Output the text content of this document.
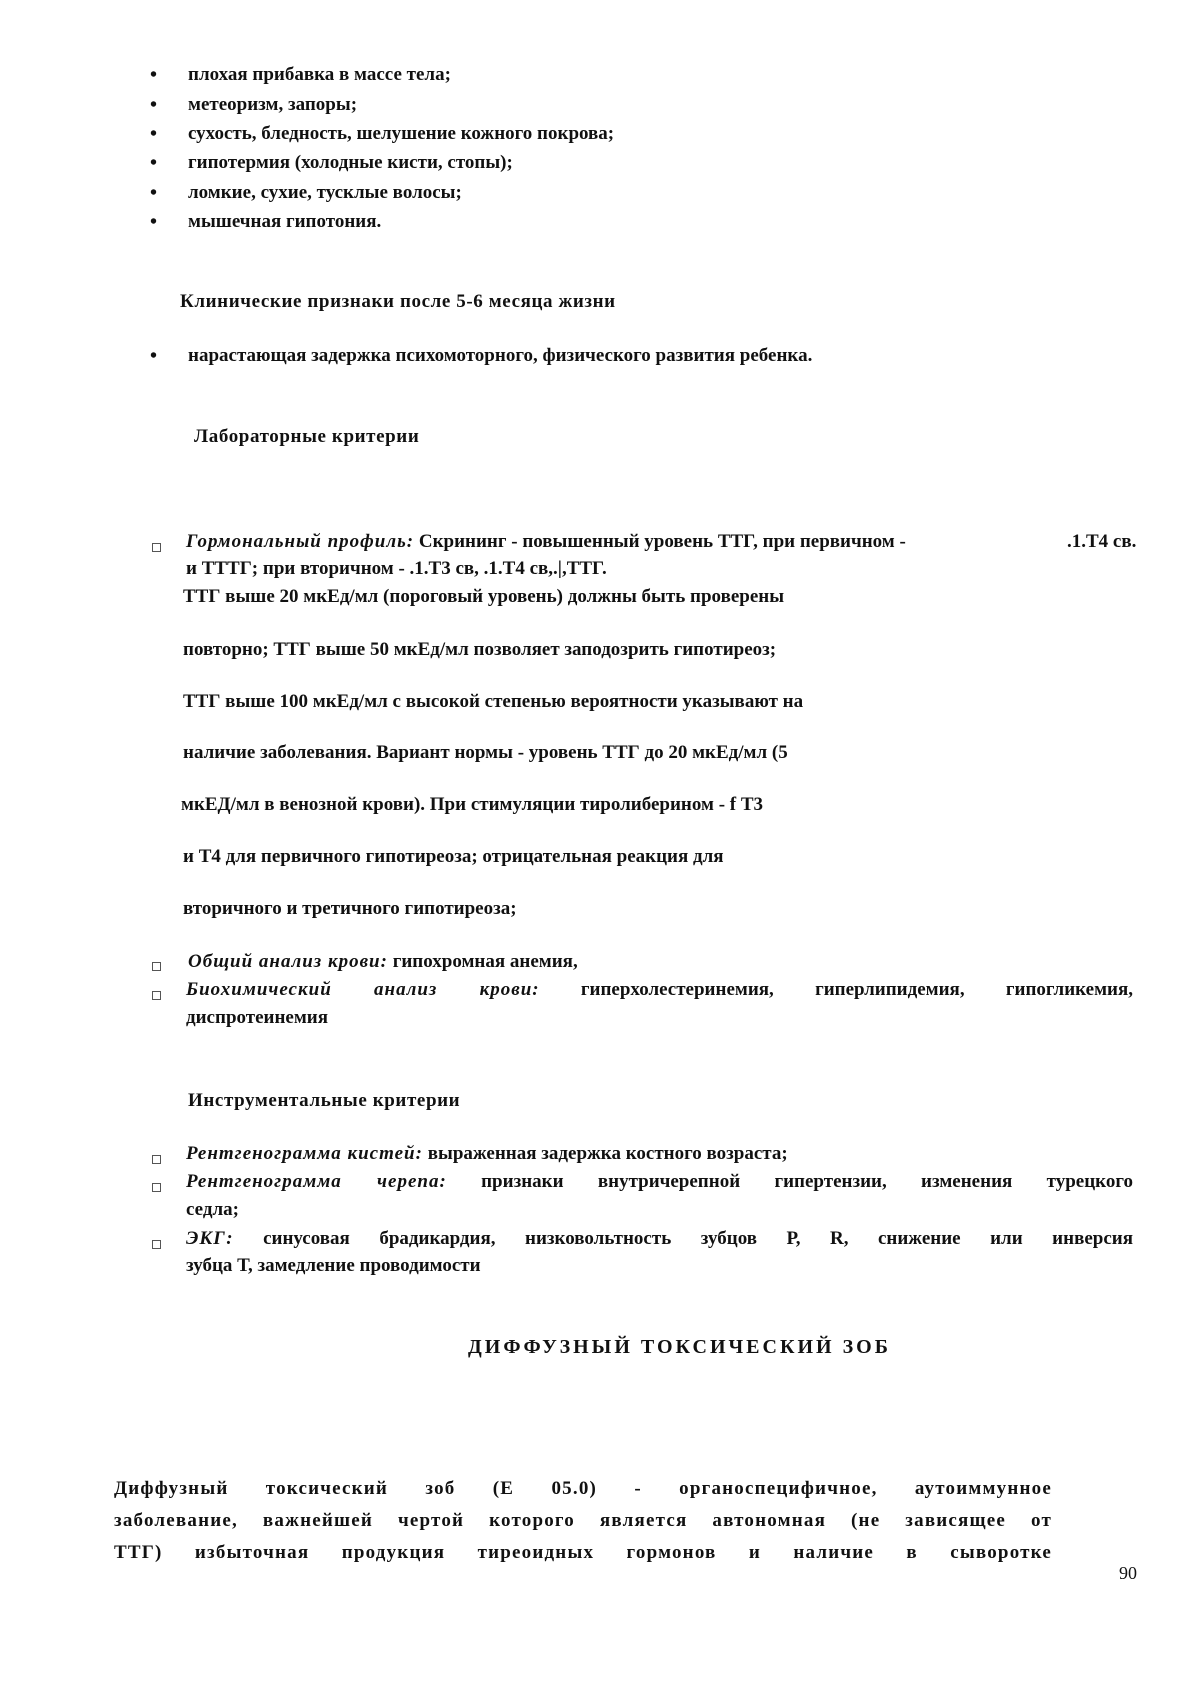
• плохая прибавка в массе тела;
• метеоризм, запоры;
• сухость, бледность, шелушение кожного покрова;
• гипотермия (холодные кисти, стопы);
• ломкие, сухие, тусклые волосы;
• мышечная гипотония.
Клинические признаки после 5-6 месяца жизни
• нарастающая задержка психомоторного, физического развития ребенка.
Лабораторные критерии
Гормональный профиль: Скрининг - повышенный уровень ТТГ, при первичном -	.1.Т4 св.
и ТТТГ; при вторичном - .1.Т3 св, .1.Т4 св,.|,ТТГ.
ТТГ выше 20 мкЕд/мл (пороговый уровень) должны быть проверены
повторно; ТТГ выше 50 мкЕд/мл позволяет заподозрить гипотиреоз;
ТТГ выше 100 мкЕд/мл с высокой степенью вероятности указывают на
наличие заболевания. Вариант нормы - уровень ТТГ до 20 мкЕд/мл (5
мкЕД/мл в венозной крови). При стимуляции тиролиберином - f Т3
и Т4 для первичного гипотиреоза; отрицательная реакция для
вторичного и третичного гипотиреоза;
Общий анализ крови: гипохромная анемия,
Биохимический анализ крови: гиперхолестеринемия, гиперлипидемия, гипогликемия,
диспротеинемия
Инструментальные критерии
Рентгенограмма кистей: выраженная задержка костного возраста;
Рентгенограмма черепа: признаки внутричерепной гипертензии, изменения турецкого
седла;
ЭКГ: синусовая брадикардия, низковольтность зубцов Р, R, снижение или инверсия
зубца Т, замедление проводимости
ДИФФУЗНЫЙ ТОКСИЧЕСКИЙ ЗОБ
Диффузный токсический зоб (Е 05.0) - органоспецифичное, аутоиммунное
заболевание, важнейшей чертой которого является автономная (не зависящее от
ТТГ) избыточная продукция тиреоидных гормонов и наличие в сыворотке
90
